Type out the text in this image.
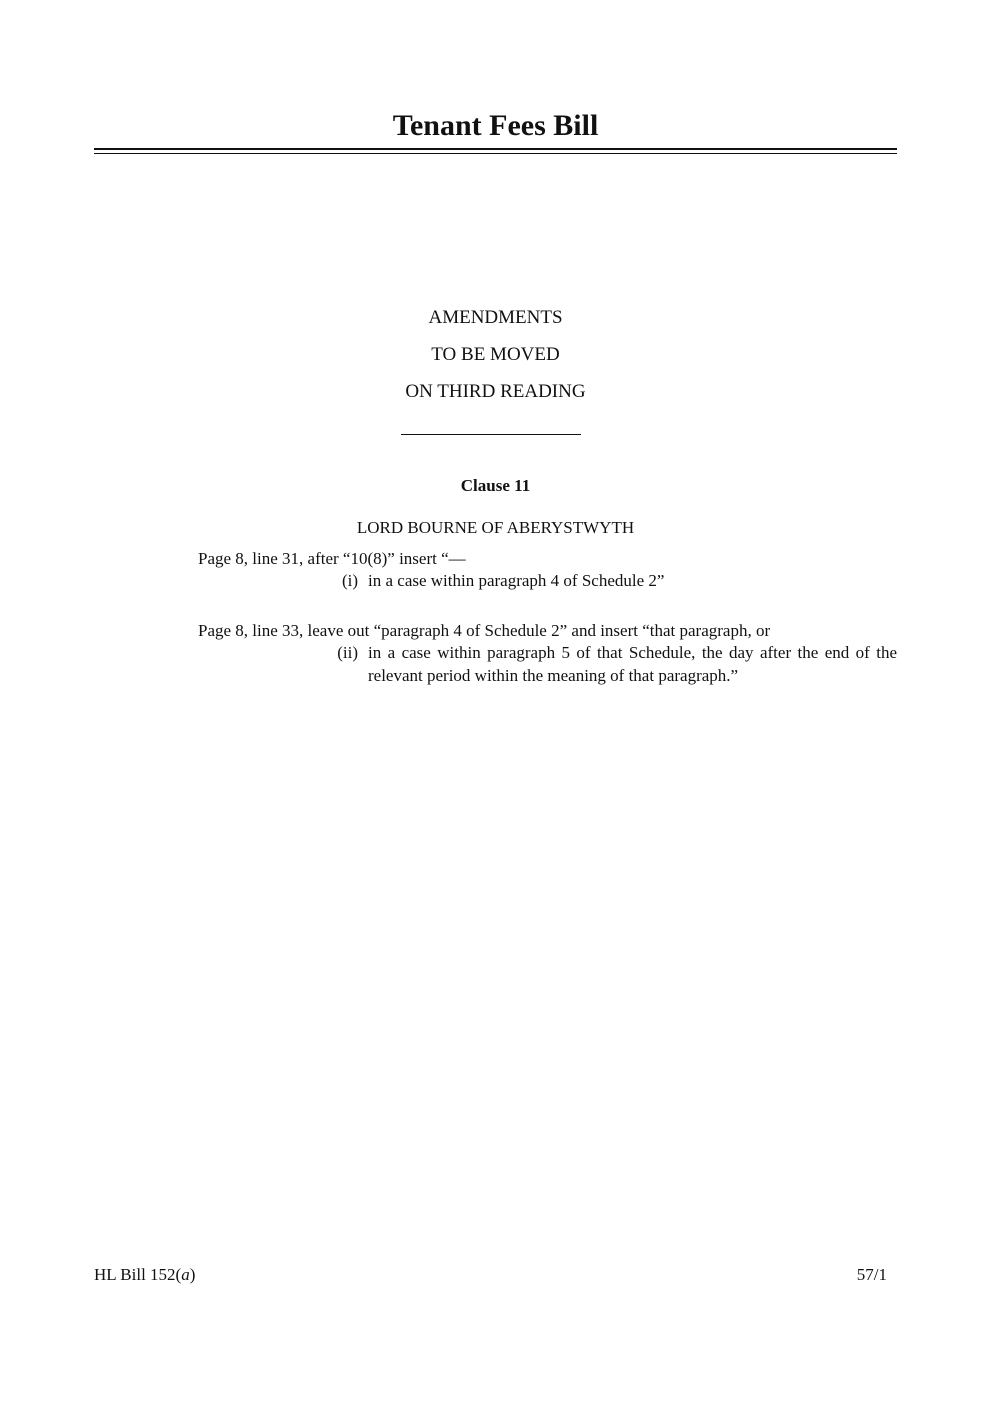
Tenant Fees Bill
AMENDMENTS
TO BE MOVED
ON THIRD READING
Clause 11
LORD BOURNE OF ABERYSTWYTH
Page 8, line 31, after “10(8)” insert “—
(i) in a case within paragraph 4 of Schedule 2”
Page 8, line 33, leave out “paragraph 4 of Schedule 2” and insert “that paragraph, or
(ii) in a case within paragraph 5 of that Schedule, the day after the end of the relevant period within the meaning of that paragraph.”
HL Bill 152(a)	57/1
